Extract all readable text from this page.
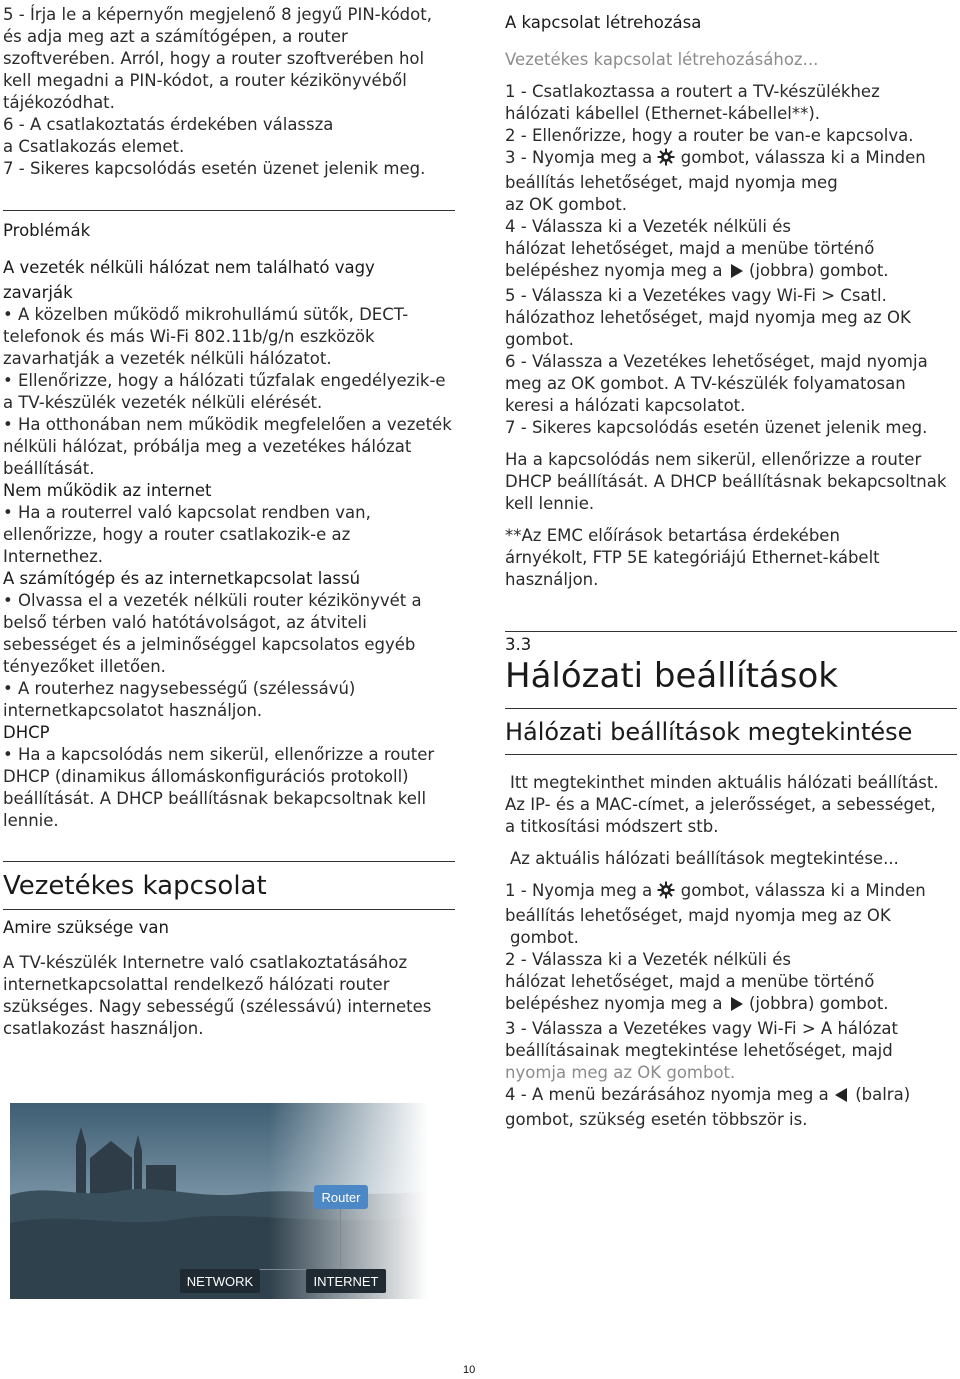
5 - Írja le a képernyőn megjelenő 8 jegyű PIN-kódot,

és adja meg azt a számítógépen, a router

szoftverében. Arról, hogy a router szoftverében hol

kell megadni a PIN-kódot, a router kézikönyvéből

tájékozódhat.

6 - A csatlakoztatás érdekében válassza

a Csatlakozás elemet.

7 - Sikeres kapcsolódás esetén üzenet jelenik meg.

Problémák

A vezeték nélküli hálózat nem található vagy

zavarják

• A közelben működő mikrohullámú sütők, DECT-

telefonok és más Wi-Fi 802.11b/g/n eszközök

zavarhatják a vezeték nélküli hálózatot.

• Ellenőrizze, hogy a hálózati tűzfalak engedélyezik-e

a TV-készülék vezeték nélküli elérését.

• Ha otthonában nem működik megfelelően a vezeték

nélküli hálózat, próbálja meg a vezetékes hálózat

beállítását.

Nem működik az internet

• Ha a routerrel való kapcsolat rendben van,

ellenőrizze, hogy a router csatlakozik-e az

Internethez.

A számítógép és az internetkapcsolat lassú

• Olvassa el a vezeték nélküli router kézikönyvét a

belső térben való hatótávolságot, az átviteli

sebességet és a jelminőséggel kapcsolatos egyéb

tényezőket illetően.

• A routerhez nagysebességű (szélessávú)

internetkapcsolatot használjon.

DHCP

• Ha a kapcsolódás nem sikerül, ellenőrizze a router

DHCP (dinamikus állomáskonfigurációs protokoll)

beállítását. A DHCP beállításnak bekapcsoltnak kell

lennie.

Vezetékes kapcsolat

Amire szüksége van

A TV-készülék Internetre való csatlakoztatásához

internetkapcsolattal rendelkező hálózati router

szükséges. Nagy sebességű (szélessávú) internetes

csatlakozást használjon.

Router
NETWORK	INTERNET

A kapcsolat létrehozása

Vezetékes kapcsolat létrehozásához...

1 - Csatlakoztassa a routert a TV-készülékhez

hálózati kábellel (Ethernet-kábellel**).

2 - Ellenőrizze, hogy a router be van-e kapcsolva.

3 - Nyomja meg a gombot, válassza ki a Minden

beállítás lehetőséget, majd nyomja meg

az OK gombot.

4 - Válassza ki a Vezeték nélküli és

hálózat lehetőséget, majd a menübe történő

belépéshez nyomja meg a (jobbra) gombot.

5 - Válassza ki a Vezetékes vagy Wi-Fi > Csatl.

hálózathoz lehetőséget, majd nyomja meg az OK

gombot.

6 - Válassza a Vezetékes lehetőséget, majd nyomja

meg az OK gombot. A TV-készülék folyamatosan

keresi a hálózati kapcsolatot.

7 - Sikeres kapcsolódás esetén üzenet jelenik meg.

Ha a kapcsolódás nem sikerül, ellenőrizze a router

DHCP beállítását. A DHCP beállításnak bekapcsoltnak

kell lennie.

**Az EMC előírások betartása érdekében

árnyékolt, FTP 5E kategóriájú Ethernet-kábelt

használjon.

3.3

Hálózati beállítások

Hálózati beállítások megtekintése

Itt megtekinthet minden aktuális hálózati beállítást.

Az IP- és a MAC-címet, a jelerősséget, a sebességet,

a titkosítási módszert stb.

Az aktuális hálózati beállítások megtekintése...

1 - Nyomja meg a gombot, válassza ki a Minden

beállítás lehetőséget, majd nyomja meg az OK

gombot.

2 - Válassza ki a Vezeték nélküli és

hálózat lehetőséget, majd a menübe történő

belépéshez nyomja meg a (jobbra) gombot.

3 - Válassza a Vezetékes vagy Wi-Fi > A hálózat

beállításainak megtekintése lehetőséget, majd

nyomja meg az OK gombot.

4 - A menü bezárásához nyomja meg a (balra)

gombot, szükség esetén többször is.

10
